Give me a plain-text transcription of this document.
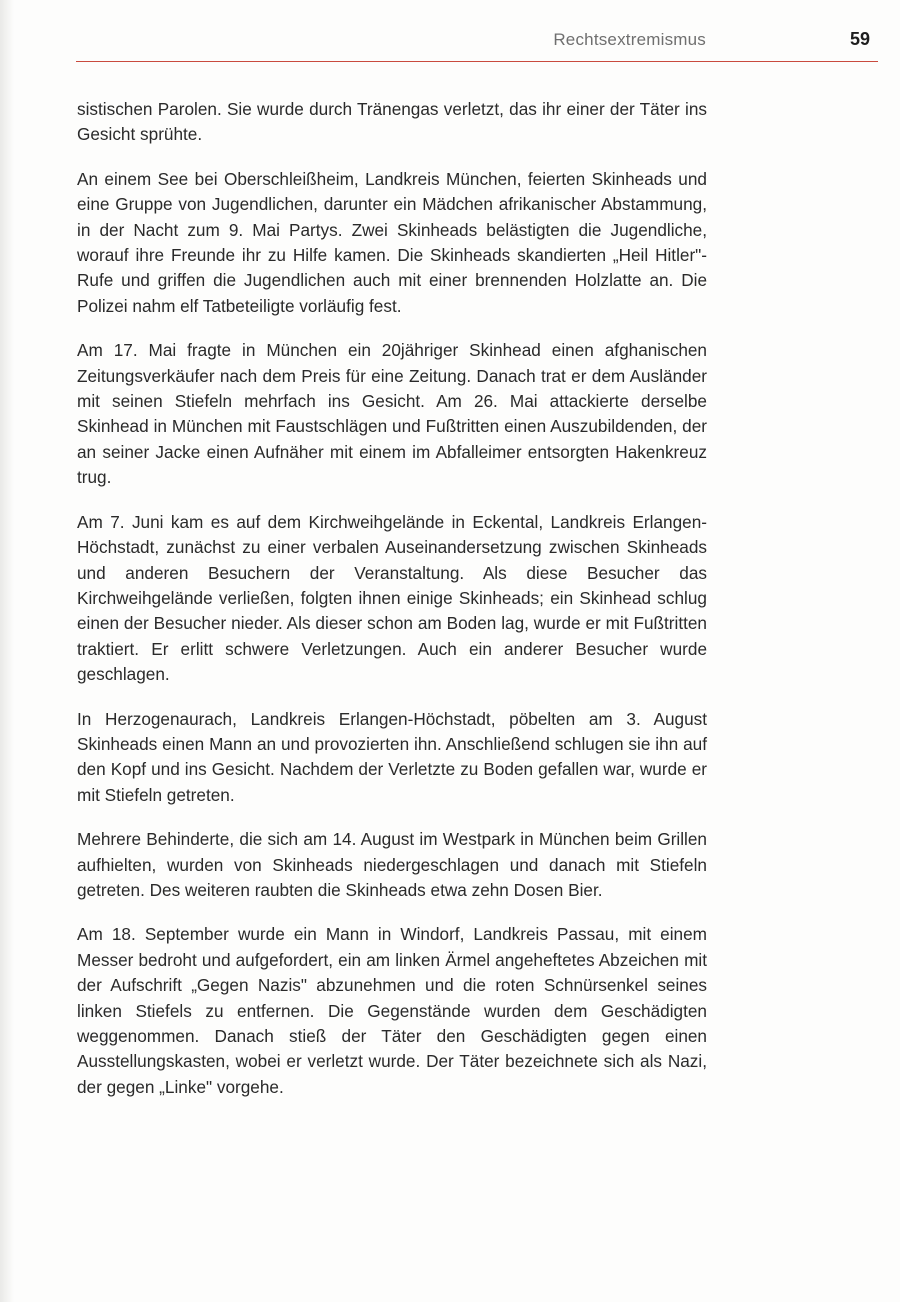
Rechtsextremismus	59

sistischen Parolen. Sie wurde durch Tränengas verletzt, das ihr einer der Täter ins Gesicht sprühte.

An einem See bei Oberschleißheim, Landkreis München, feierten Skinheads und eine Gruppe von Jugendlichen, darunter ein Mädchen afrikanischer Abstammung, in der Nacht zum 9. Mai Partys. Zwei Skinheads belästigten die Jugendliche, worauf ihre Freunde ihr zu Hilfe kamen. Die Skinheads skandierten „Heil Hitler"-Rufe und griffen die Jugendlichen auch mit einer brennenden Holzlatte an. Die Polizei nahm elf Tatbeteiligte vorläufig fest.

Am 17. Mai fragte in München ein 20jähriger Skinhead einen afghanischen Zeitungsverkäufer nach dem Preis für eine Zeitung. Danach trat er dem Ausländer mit seinen Stiefeln mehrfach ins Gesicht. Am 26. Mai attackierte derselbe Skinhead in München mit Faustschlägen und Fußtritten einen Auszubildenden, der an seiner Jacke einen Aufnäher mit einem im Abfalleimer entsorgten Hakenkreuz trug.

Am 7. Juni kam es auf dem Kirchweihgelände in Eckental, Landkreis Erlangen-Höchstadt, zunächst zu einer verbalen Auseinandersetzung zwischen Skinheads und anderen Besuchern der Veranstaltung. Als diese Besucher das Kirchweihgelände verließen, folgten ihnen einige Skinheads; ein Skinhead schlug einen der Besucher nieder. Als dieser schon am Boden lag, wurde er mit Fußtritten traktiert. Er erlitt schwere Verletzungen. Auch ein anderer Besucher wurde geschlagen.

In Herzogenaurach, Landkreis Erlangen-Höchstadt, pöbelten am 3. August Skinheads einen Mann an und provozierten ihn. Anschließend schlugen sie ihn auf den Kopf und ins Gesicht. Nachdem der Verletzte zu Boden gefallen war, wurde er mit Stiefeln getreten.

Mehrere Behinderte, die sich am 14. August im Westpark in München beim Grillen aufhielten, wurden von Skinheads niedergeschlagen und danach mit Stiefeln getreten. Des weiteren raubten die Skinheads etwa zehn Dosen Bier.

Am 18. September wurde ein Mann in Windorf, Landkreis Passau, mit einem Messer bedroht und aufgefordert, ein am linken Ärmel angeheftetes Abzeichen mit der Aufschrift „Gegen Nazis" abzunehmen und die roten Schnürsenkel seines linken Stiefels zu entfernen. Die Gegenstände wurden dem Geschädigten weggenommen. Danach stieß der Täter den Geschädigten gegen einen Ausstellungskasten, wobei er verletzt wurde. Der Täter bezeichnete sich als Nazi, der gegen „Linke" vorgehe.
